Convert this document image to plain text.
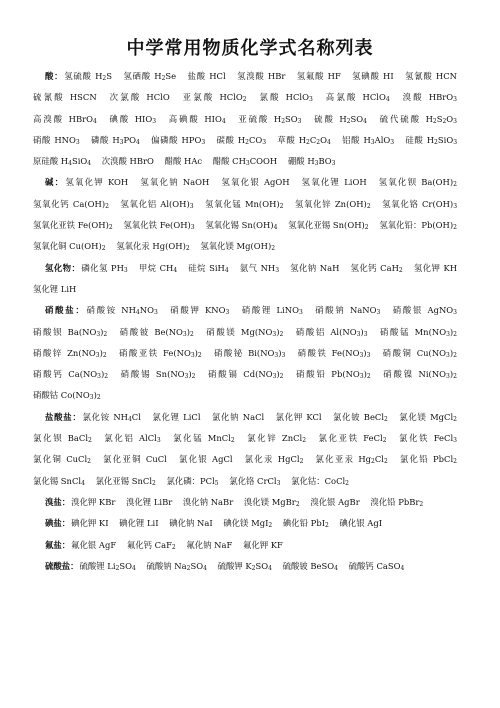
中学常用物质化学式名称列表
酸：氢硫酸 $H_2S$ 氢硒酸 $H_2Se$ 盐酸 HCl 氢溴酸 HBr 氢氟酸 HF 氢碘酸 HI 氢氰酸 HCN 硫氰酸 HSCN 次氯酸 HClO 亚氯酸 HClO$_2$ 氯酸 HClO$_3$ 高氯酸 HClO$_4$ 溴酸 HBrO$_3$ 高溴酸 HBrO$_4$ 碘酸 $HIO_3$ 高碘酸 $HIO_4$ 亚硫酸 $H_2SO_3$ 硫酸 $H_2SO_4$ 硫代硫酸 $H_2S_2O_3$ 硝酸 $HNO_3$ 磷酸 $H_3PO_4$ 偏磷酸 $HPO_3$ 碳酸 $H_2CO_3$ 草酸 $H_2C_2O_4$ 铝酸 $H_3AlO_3$ 硅酸 $H_2SiO_3$ 原硅酸 $H_4SiO_4$ 次溴酸 HBrO 醋酸 HAc 醋酸 $CH_3COOH$ 硼酸 $H_3BO_3$
碱：氢氧化钾 KOH 氢氧化钠 NaOH 氢氧化银 AgOH 氢氧化锂 LiOH 氢氧化钡 $Ba(OH)_2$ 氢氧化钙 $Ca(OH)_2$ 氢氧化铝 $Al(OH)_3$ 氢氧化锰 $Mn(OH)_2$ 氢氧化锌 $Zn(OH)_2$ 氢氧化铬 $Cr(OH)_3$ 氢氧化亚铁 $Fe(OH)_2$ 氢氧化铁 $Fe(OH)_3$ 氢氧化锡 $Sn(OH)_4$ 氢氧化亚锡 $Sn(OH)_2$ 氢氧化铅：$Pb(OH)_2$ 氢氧化铜 $Cu(OH)_2$ 氢氧化汞 $Hg(OH)_2$ 氢氧化镁 $Mg(OH)_2$
氢化物：磷化氢 $PH_3$ 甲烷 $CH_4$ 硅烷 SiH$_4$ 氨气 $NH_3$ 氢化钠 NaH 氢化钙 CaH$_2$ 氢化钾 KH 氢化锂 LiH
硝酸盐：硝酸铵 $NH_4NO_3$ 硝酸钾 $KNO_3$ 硝酸锂 LiNO$_3$ 硝酸钠 NaNO$_3$ 硝酸银 AgNO$_3$ 硝酸钡 $Ba(NO_3)_2$ 硝酸铍 $Be(NO_3)_2$ 硝酸镁 $Mg(NO_3)_2$ 硝酸铝 $Al(NO_3)_3$ 硝酸锰 $Mn(NO_3)_2$ 硝酸锌 $Zn(NO_3)_2$ 硝酸亚铁 $Fe(NO_3)_2$ 硝酸铋 $Bi(NO_3)_3$ 硝酸铁 $Fe(NO_3)_3$ 硝酸铜 $Cu(NO_3)_2$ 硝酸钙 $Ca(NO_3)_2$ 硝酸锡 $Sn(NO_3)_2$ 硝酸镉 $Cd(NO_3)_2$ 硝酸铅 $Pb(NO_3)_2$ 硝酸镍 $Ni(NO_3)_2$ 硝酸钴 $Co(NO_3)_2$
盐酸盐：氯化铵 $NH_4Cl$ 氯化锂 LiCl 氯化钠 NaCl 氯化钾 KCl 氯化铍 BeCl$_2$ 氯化镁 MgCl$_2$ 氯化钡 BaCl$_2$ 氯化铝 AlCl$_3$ 氯化锰 MnCl$_2$ 氯化锌 ZnCl$_2$ 氯化亚铁 FeCl$_2$ 氯化铁 FeCl$_3$ 氯化铜 CuCl$_2$ 氯化亚铜 CuCl 氯化银 AgCl 氯化汞 HgCl$_2$ 氯化亚汞 $Hg_2Cl_2$ 氯化铅 PbCl$_2$ 氯化锡 SnCl$_4$ 氯化亚锡 SnCl$_2$ 氯化磷：PCl$_5$ 氯化铬 CrCl$_3$ 氯化钴：CoCl$_2$
溴盐：溴化钾 KBr 溴化锂 LiBr 溴化钠 NaBr 溴化镁 MgBr$_2$ 溴化银 AgBr 溴化铅 PbBr$_2$
碘盐：碘化钾 KI 碘化锂 LiI 碘化钠 NaI 碘化镁 MgI$_2$ 碘化铅 PbI$_2$ 碘化银 AgI
氟盐：氟化银 AgF 氟化钙 CaF$_2$ 氟化钠 NaF 氟化钾 KF
硫酸盐：硫酸锂 $Li_2SO_4$ 硫酸钠 $Na_2SO_4$ 硫酸钾 $K_2SO_4$ 硫酸铍 BeSO$_4$ 硫酸钙 CaSO$_4$
